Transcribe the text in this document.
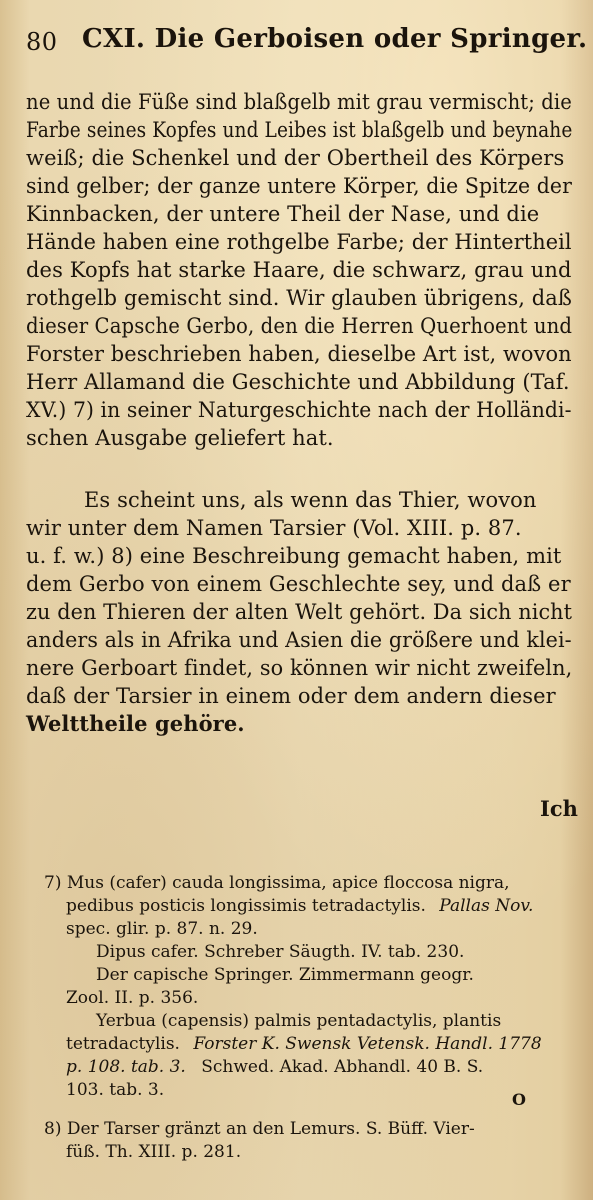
80 CXI. Die Gerboisen oder Springer.
ne und die Füße sind blaßgelb mit grau vermischt; die
Farbe seines Kopfes und Leibes ist blaßgelb und beynahe
weiß; die Schenkel und der Obertheil des Körpers
sind gelber; der ganze untere Körper, die Spitze der
Kinnbacken, der untere Theil der Nase, und die
Hände haben eine rothgelbe Farbe; der Hintertheil
des Kopfs hat starke Haare, die schwarz, grau und
rothgelb gemischt sind. Wir glauben übrigens, daß
dieser Capsche Gerbo, den die Herren Querhoent und
Forster beschrieben haben, dieselbe Art ist, wovon
Herr Allamand die Geschichte und Abbildung (Taf.
XV.) 7) in seiner Naturgeschichte nach der Holländi-
schen Ausgabe geliefert hat.
Es scheint uns, als wenn das Thier, wovon
wir unter dem Namen Tarsier (Vol. XIII. p. 87.
u. f. w.) 8) eine Beschreibung gemacht haben, mit
dem Gerbo von einem Geschlechte sey, und daß er
zu den Thieren der alten Welt gehört. Da sich nicht
anders als in Afrika und Asien die größere und klei-
nere Gerboart findet, so können wir nicht zweifeln,
daß der Tarsier in einem oder dem andern dieser
Welttheile gehöre.
Ich
7) Mus (cafer) cauda longissima, apice floccosa nigra,
pedibus posticis longissimis tetradactylis. Pallas Nov.
spec. glir. p. 87. n. 29.
Dipus cafer. Schreber Säugth. IV. tab. 230.
Der capische Springer. Zimmermann geogr.
Zool. II. p. 356.
Yerbua (capensis) palmis pentadactylis, plantis
tetradactylis. Forster K. Swensk Vetensk. Handl. 1778
p. 108. tab. 3. Schwed. Akad. Abhandl. 40 B. S.
103. tab. 3.	O
8) Der Tarser gränzt an den Lemurs. S. Büff. Vier-
füß. Th. XIII. p. 281.
